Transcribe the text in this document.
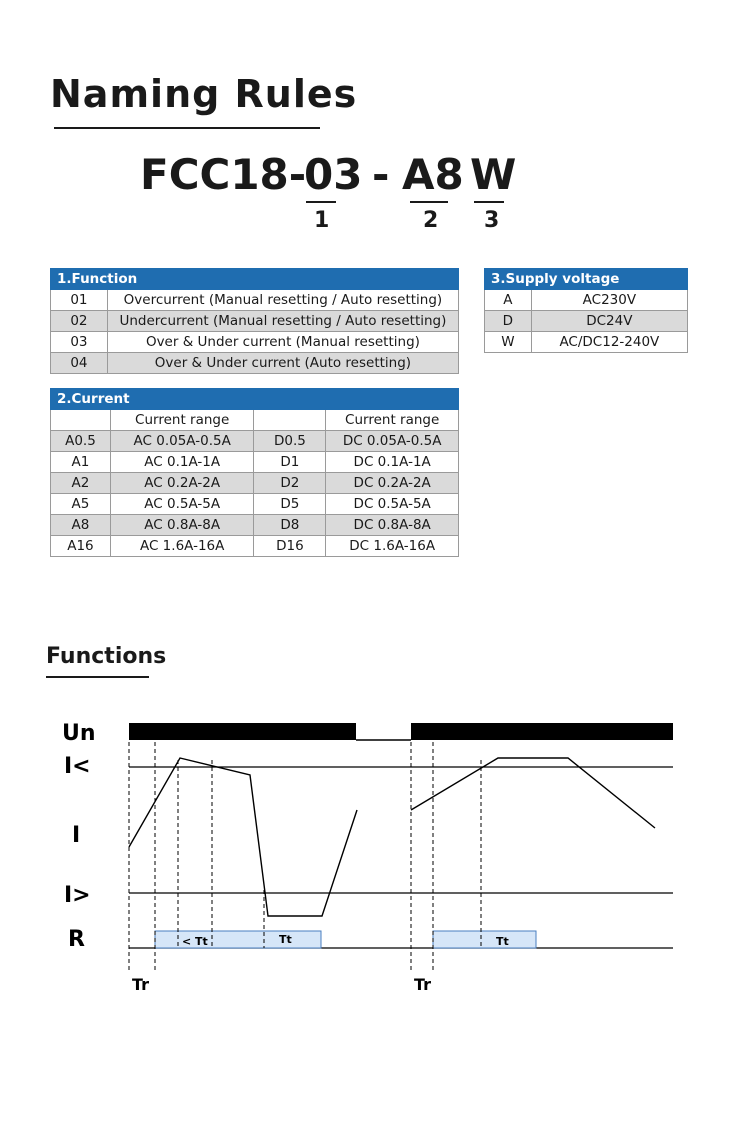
Naming Rules
FCC18-
03 - A8 W
1	2 3
1.Function	
01	Overcurrent (Manual resetting / Auto resetting)
02	Undercurrent (Manual resetting / Auto resetting)
03	Over & Under current (Manual resetting)
04	Over & Under current (Auto resetting)
3.Supply voltage	
A	AC230V
D	DC24V
W	AC/DC12-240V
2.Current			
	Current range		Current range
A0.5	AC 0.05A-0.5A	D0.5	DC 0.05A-0.5A
A1	AC 0.1A-1A	D1	DC 0.1A-1A
A2	AC 0.2A-2A	D2	DC 0.2A-2A
A5	AC 0.5A-5A	D5	DC 0.5A-5A
A8	AC 0.8A-8A	D8	DC 0.8A-8A
A16	AC 1.6A-16A	D16	DC 1.6A-16A
Functions
Un
I<
I
I>
R	< Tt	Tt	Tt
Tr	Tr
